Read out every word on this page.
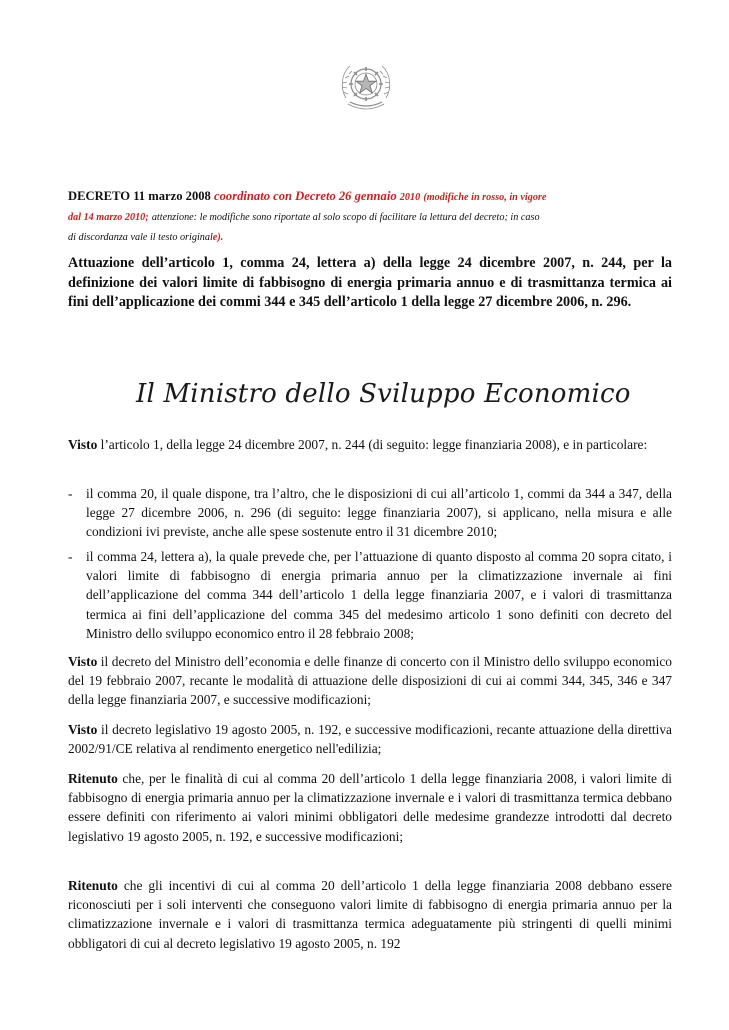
DECRETO 11 marzo 2008 coordinato con Decreto 26 gennaio 2010 (modifiche in rosso, in vigore
dal 14 marzo 2010; attenzione: le modifiche sono riportate al solo scopo di facilitare la lettura del decreto; in caso
di discordanza vale il testo originale).
Attuazione dell’articolo 1, comma 24, lettera a) della legge 24 dicembre 2007, n. 244, per la definizione dei valori limite di fabbisogno di energia primaria annuo e di trasmittanza termica ai fini dell’applicazione dei commi 344 e 345 dell’articolo 1 della legge 27 dicembre 2006, n. 296.
Il Ministro dello Sviluppo Economico
Visto l’articolo 1, della legge 24 dicembre 2007, n. 244 (di seguito: legge finanziaria 2008), e in particolare:
-	il comma 20, il quale dispone, tra l’altro, che le disposizioni di cui all’articolo 1, commi da 344 a 347, della legge 27 dicembre 2006, n. 296 (di seguito: legge finanziaria 2007), si applicano, nella misura e alle condizioni ivi previste, anche alle spese sostenute entro il 31 dicembre 2010;
-	il comma 24, lettera a), la quale prevede che, per l’attuazione di quanto disposto al comma 20 sopra citato, i valori limite di fabbisogno di energia primaria annuo per la climatizzazione invernale ai fini dell’applicazione del comma 344 dell’articolo 1 della legge finanziaria 2007, e i valori di trasmittanza termica ai fini dell’applicazione del comma 345 del medesimo articolo 1 sono definiti con decreto del Ministro dello sviluppo economico entro il 28 febbraio 2008;
Visto il decreto del Ministro dell’economia e delle finanze di concerto con il Ministro dello sviluppo economico del 19 febbraio 2007, recante le modalità di attuazione delle disposizioni di cui ai commi 344, 345, 346 e 347 della legge finanziaria 2007, e successive modificazioni;
Visto il decreto legislativo 19 agosto 2005, n. 192, e successive modificazioni, recante attuazione della direttiva 2002/91/CE relativa al rendimento energetico nell'edilizia;
Ritenuto che, per le finalità di cui al comma 20 dell’articolo 1 della legge finanziaria 2008, i valori limite di fabbisogno di energia primaria annuo per la climatizzazione invernale e i valori di trasmittanza termica debbano essere definiti con riferimento ai valori minimi obbligatori delle medesime grandezze introdotti dal decreto legislativo 19 agosto 2005, n. 192, e successive modificazioni;
Ritenuto che gli incentivi di cui al comma 20 dell’articolo 1 della legge finanziaria 2008 debbano essere riconosciuti per i soli interventi che conseguono valori limite di fabbisogno di energia primaria annuo per la climatizzazione invernale e i valori di trasmittanza termica adeguatamente più stringenti di quelli minimi obbligatori di cui al decreto legislativo 19 agosto 2005, n. 192
